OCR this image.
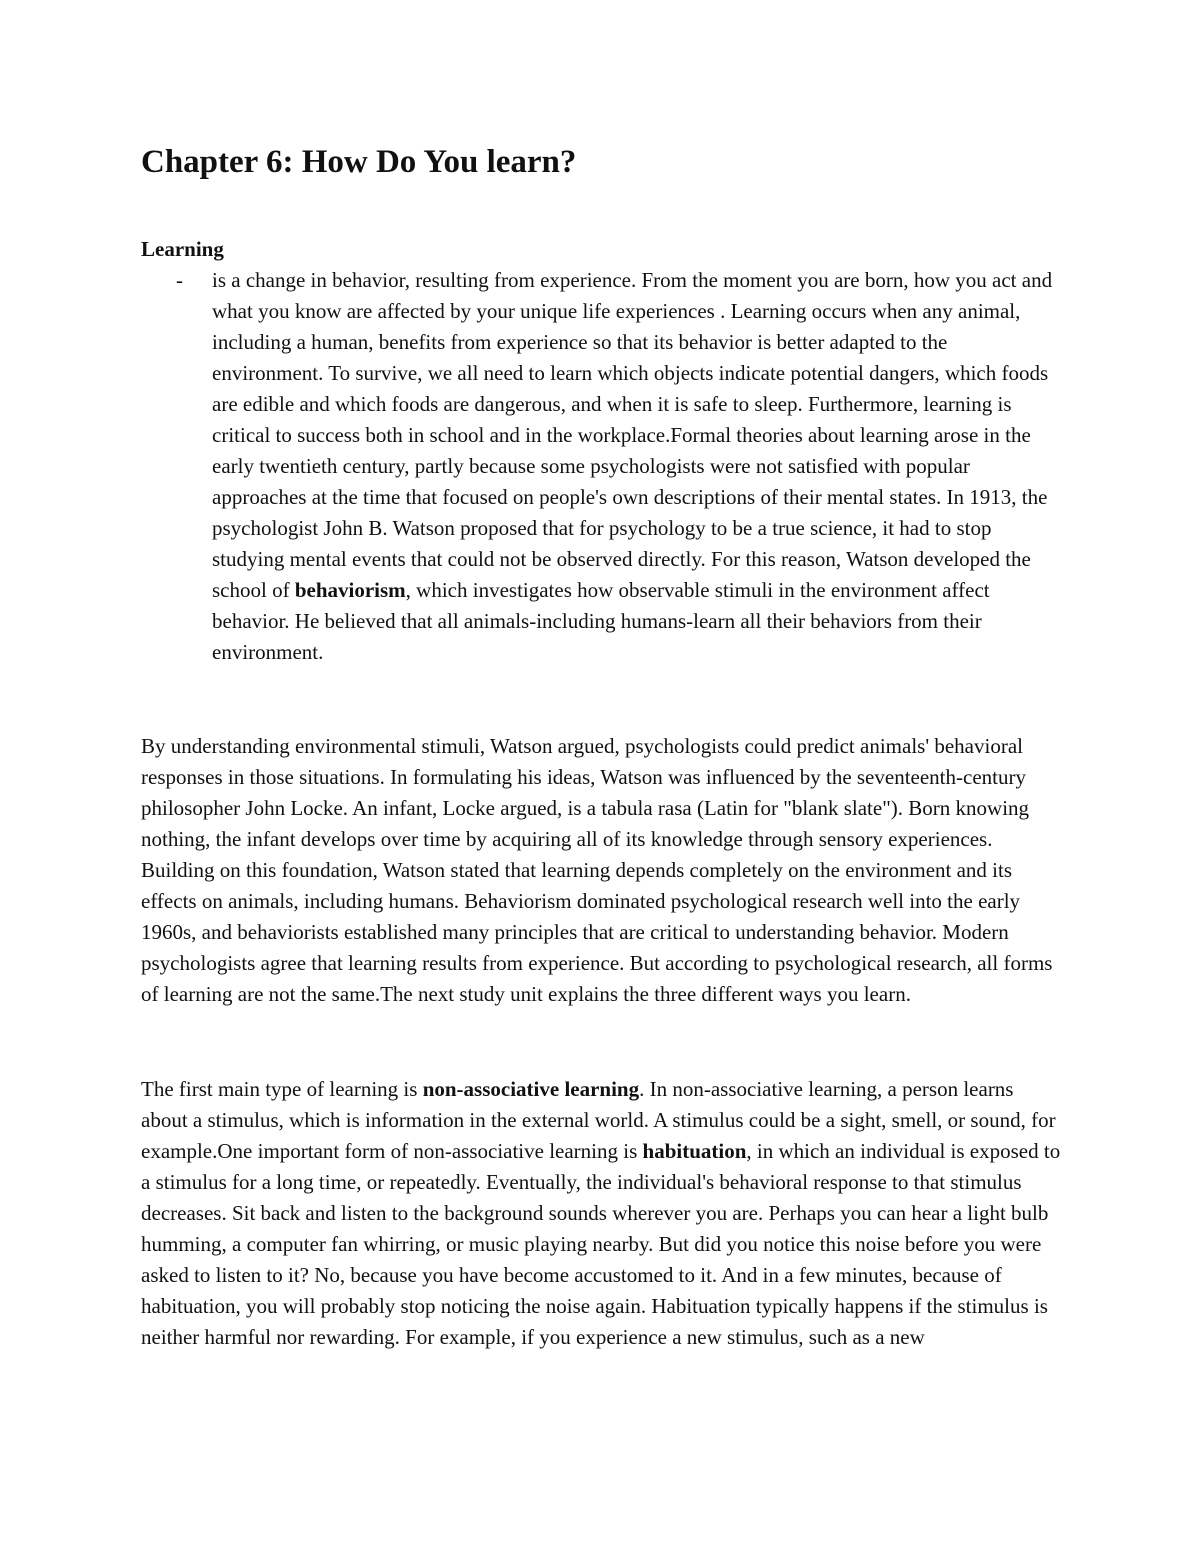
Chapter 6: How Do You learn?
Learning
- is a change in behavior, resulting from experience. From the moment you are born, how you act and what you know are affected by your unique life experiences . Learning occurs when any animal, including a human, benefits from experience so that its behavior is better adapted to the environment. To survive, we all need to learn which objects indicate potential dangers, which foods are edible and which foods are dangerous, and when it is safe to sleep. Furthermore, learning is critical to success both in school and in the workplace.Formal theories about learning arose in the early twentieth century, partly because some psychologists were not satisfied with popular approaches at the time that focused on people's own descriptions of their mental states. In 1913, the psychologist John B. Watson proposed that for psychology to be a true science, it had to stop studying mental events that could not be observed directly. For this reason, Watson developed the school of behaviorism, which investigates how observable stimuli in the environment affect behavior. He believed that all animals-including humans-learn all their behaviors from their environment.

By understanding environmental stimuli, Watson argued, psychologists could predict animals' behavioral responses in those situations. In formulating his ideas, Watson was influenced by the seventeenth-century philosopher John Locke. An infant, Locke argued, is a tabula rasa (Latin for "blank slate"). Born knowing nothing, the infant develops over time by acquiring all of its knowledge through sensory experiences. Building on this foundation, Watson stated that learning depends completely on the environment and its effects on animals, including humans. Behaviorism dominated psychological research well into the early 1960s, and behaviorists established many principles that are critical to understanding behavior. Modern psychologists agree that learning results from experience. But according to psychological research, all forms of learning are not the same.The next study unit explains the three different ways you learn.

The first main type of learning is non-associative learning. In non-associative learning, a person learns about a stimulus, which is information in the external world. A stimulus could be a sight, smell, or sound, for example.One important form of non-associative learning is habituation, in which an individual is exposed to a stimulus for a long time, or repeatedly. Eventually, the individual's behavioral response to that stimulus decreases. Sit back and listen to the background sounds wherever you are. Perhaps you can hear a light bulb humming, a computer fan whirring, or music playing nearby. But did you notice this noise before you were asked to listen to it? No, because you have become accustomed to it. And in a few minutes, because of habituation, you will probably stop noticing the noise again. Habituation typically happens if the stimulus is neither harmful nor rewarding. For example, if you experience a new stimulus, such as a new
